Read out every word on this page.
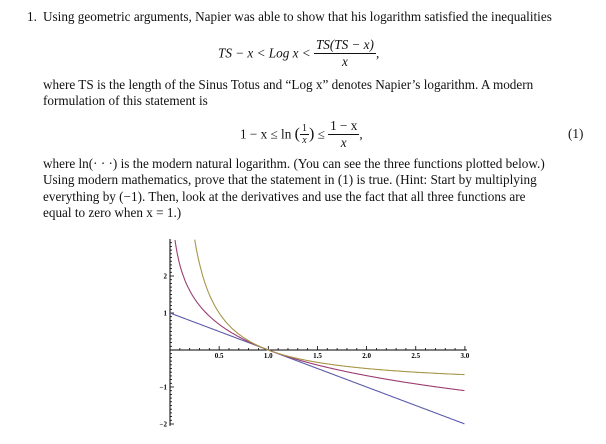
1. Using geometric arguments, Napier was able to show that his logarithm satisfied the inequalities
TS − x < Log $x < \frac{TS(TS - x)}{x}$ ,
where TS is the length of the Sinus Totus and “Log x” denotes Napier’s logarithm. A modern
formulation of this statement is
1 − x ≤ ln ( $\frac{1}{x}$ ) ≤ $\frac{1 - x}{x}$ ,	(1)
where ln(· · ·) is the modern natural logarithm. (You can see the three functions plotted below.)
Using modern mathematics, prove that the statement in (1) is true. (Hint: Start by multiplying
everything by (−1). Then, look at the derivatives and use the fact that all three functions are
equal to zero when x = 1.)
0.5	1.0	1.5	2.0	2.5	3.0
2
1
−1
−2
